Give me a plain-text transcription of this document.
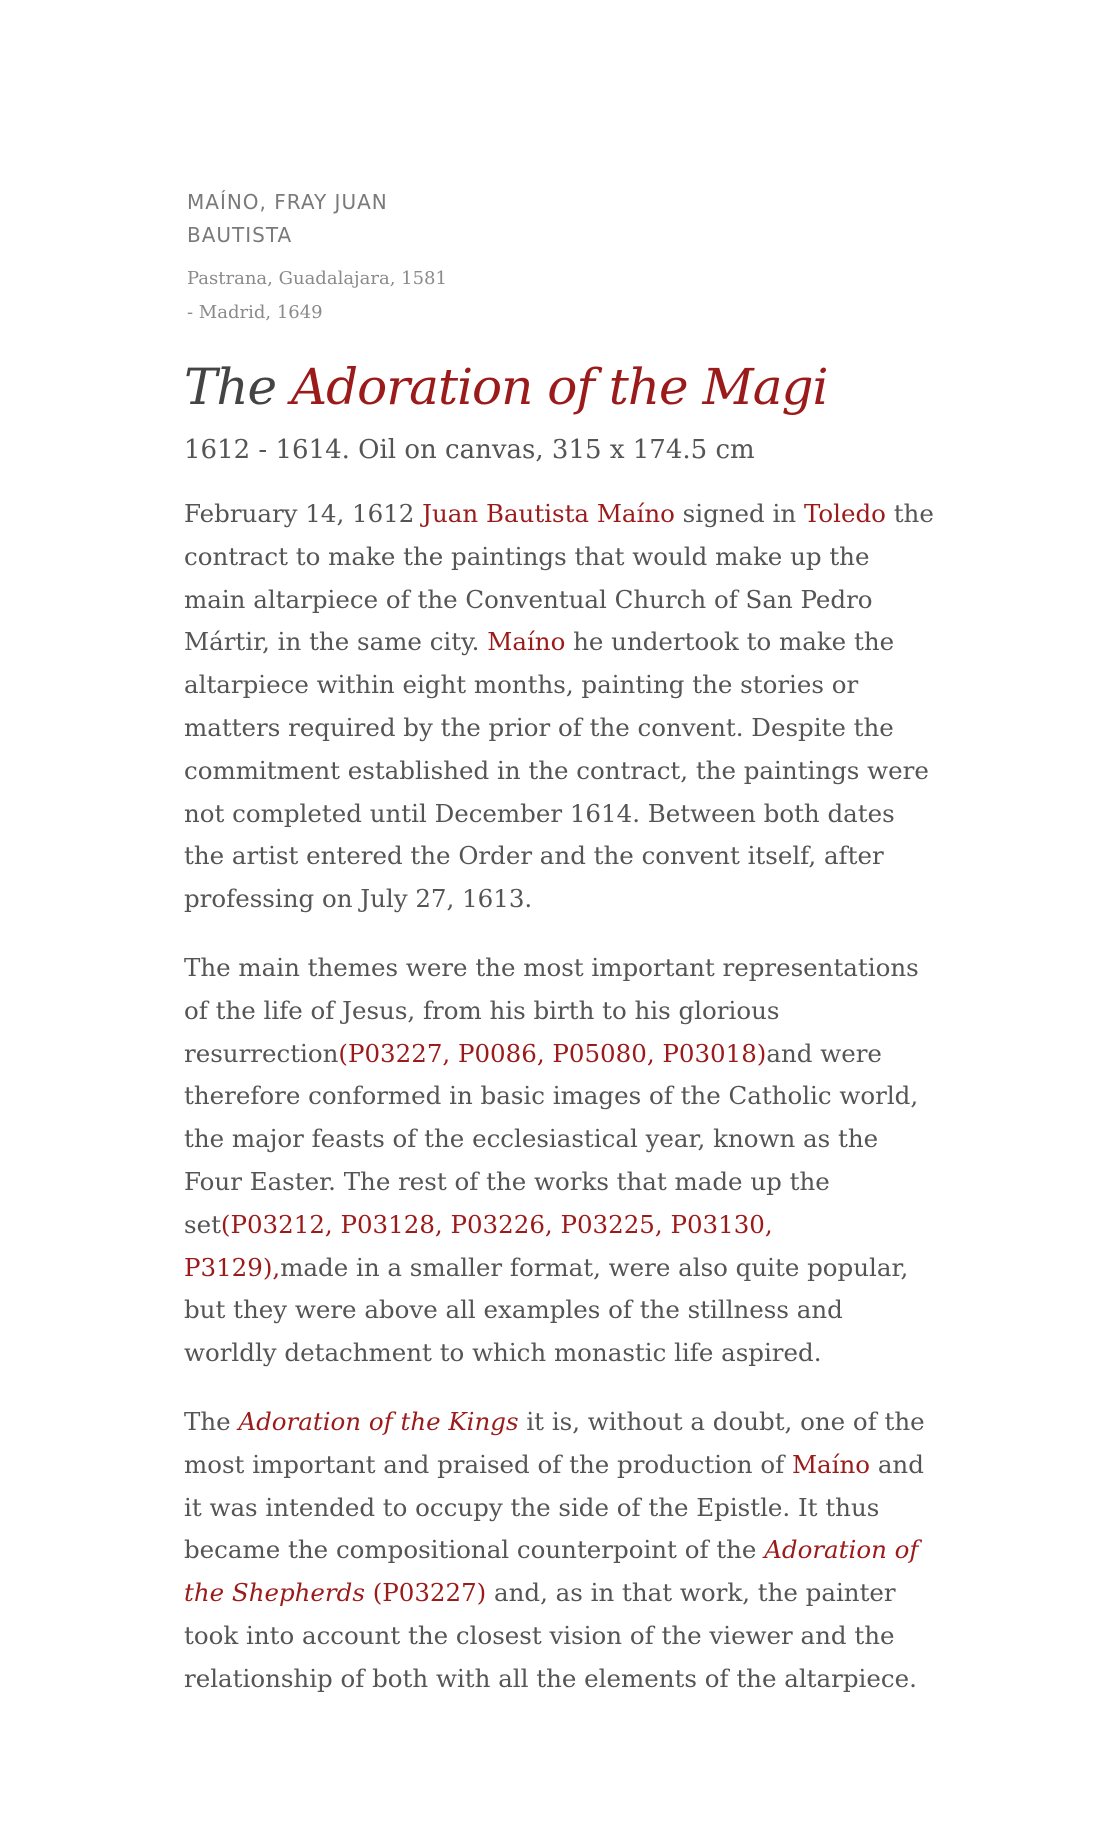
MAÍNO, FRAY JUAN BAUTISTA
Pastrana, Guadalajara, 1581 - Madrid, 1649
The Adoration of the Magi
1612 - 1614. Oil on canvas, 315 x 174.5 cm

February 14, 1612 Juan Bautista Maíno signed in Toledo the contract to make the paintings that would make up the main altarpiece of the Conventual Church of San Pedro Mártir, in the same city. Maíno he undertook to make the altarpiece within eight months, painting the stories or matters required by the prior of the convent. Despite the commitment established in the contract, the paintings were not completed until December 1614. Between both dates the artist entered the Order and the convent itself, after professing on July 27, 1613.

The main themes were the most important representations of the life of Jesus, from his birth to his glorious resurrection(P03227, P0086, P05080, P03018)and were therefore conformed in basic images of the Catholic world, the major feasts of the ecclesiastical year, known as the Four Easter. The rest of the works that made up the set(P03212, P03128, P03226, P03225, P03130, P3129),made in a smaller format, were also quite popular, but they were above all examples of the stillness and worldly detachment to which monastic life aspired.

The Adoration of the Kings it is, without a doubt, one of the most important and praised of the production of Maíno and it was intended to occupy the side of the Epistle. It thus became the compositional counterpoint of the Adoration of the Shepherds (P03227) and, as in that work, the painter took into account the closest vision of the viewer and the relationship of both with all the elements of the altarpiece.
